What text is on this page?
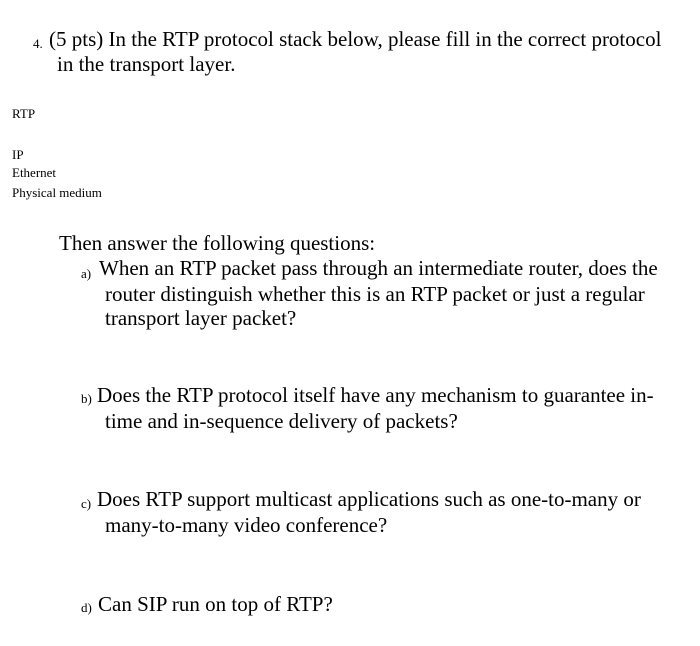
4. (5 pts) In the RTP protocol stack below, please fill in the correct protocol
in the transport layer.
RTP
IP
Ethernet
Physical medium
Then answer the following questions:
a) When an RTP packet pass through an intermediate router, does the
router distinguish whether this is an RTP packet or just a regular
transport layer packet?
b) Does the RTP protocol itself have any mechanism to guarantee in-
time and in-sequence delivery of packets?
c) Does RTP support multicast applications such as one-to-many or
many-to-many video conference?
d) Can SIP run on top of RTP?
